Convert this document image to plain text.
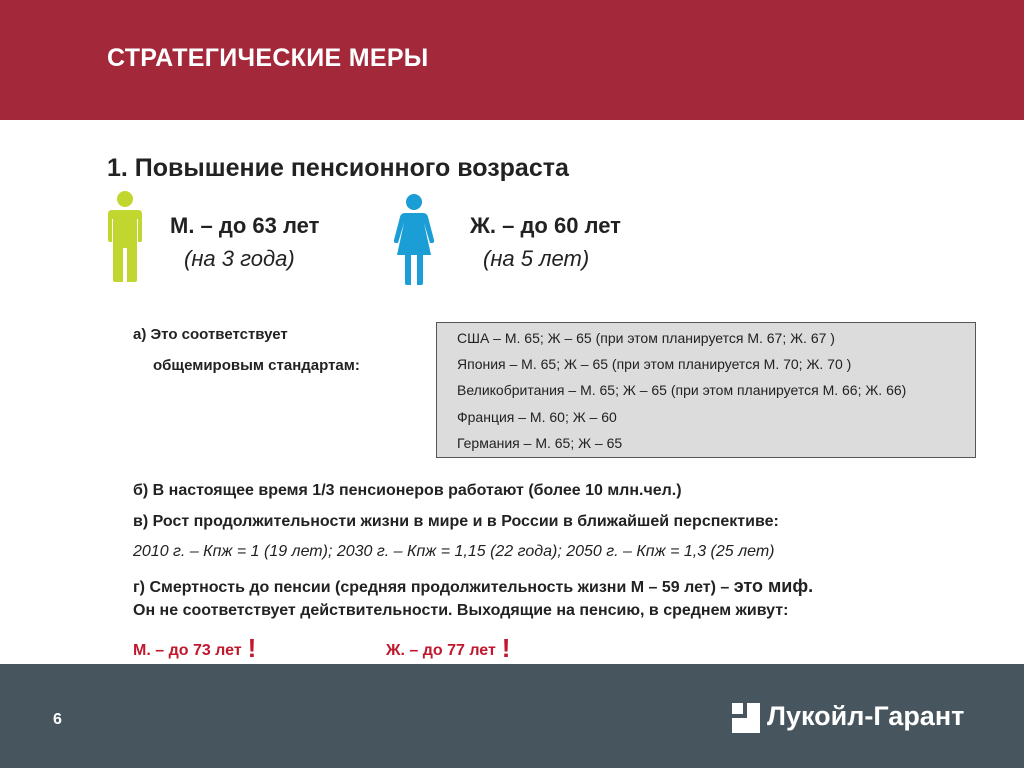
СТРАТЕГИЧЕСКИЕ МЕРЫ
1. Повышение пенсионного возраста
М. – до 63 лет
(на 3 года)
Ж. – до 60 лет
(на 5 лет)
а) Это соответствует
общемировым стандартам:
США – М. 65; Ж – 65 (при этом планируется М. 67; Ж. 67 )
Япония – М. 65; Ж – 65 (при этом планируется М. 70; Ж. 70 )
Великобритания – М. 65; Ж – 65 (при этом планируется М. 66; Ж. 66)
Франция – М. 60; Ж – 60
Германия – М. 65; Ж – 65
б) В настоящее время 1/3 пенсионеров работают (более 10 млн.чел.)
в) Рост продолжительности жизни в мире и в России в ближайшей перспективе:
2010 г. – Кпж = 1 (19 лет); 2030 г. – Кпж = 1,15 (22 года); 2050 г. – Кпж = 1,3 (25 лет)
г) Смертность до пенсии (средняя продолжительность жизни М – 59 лет) – это миф.
Он не соответствует действительности. Выходящие на пенсию, в среднем живут:
М. – до 73 лет !	Ж. – до 77 лет !
6	Лукойл-Гарант
